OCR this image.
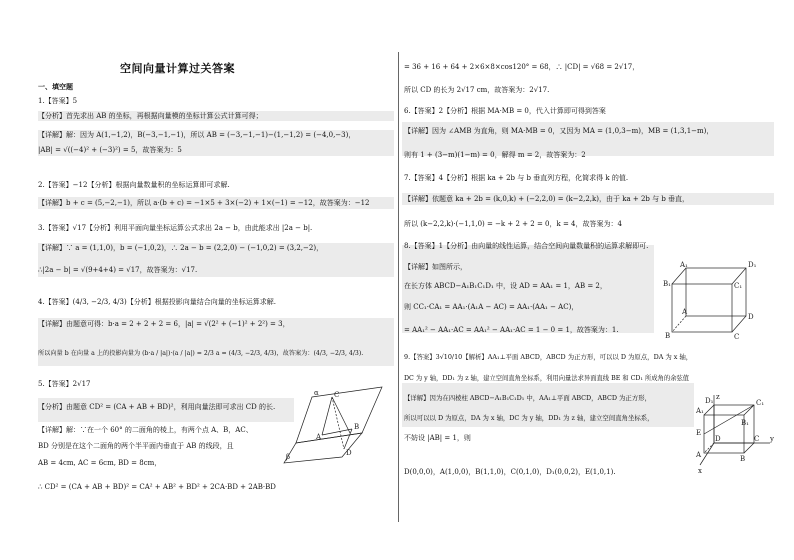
空间向量计算过关答案
一、填空题
1.【答案】5
【分析】首先求出 AB 的坐标，再根据向量模的坐标计算公式计算可得；
【详解】解：因为 A(1,−1,2)，B(−3,−1,−1)，所以 AB = (−3,−1,−1)−(1,−1,2) = (−4,0,−3)，
|AB| = √((−4)² + (−3)²) = 5，故答案为：5
2.【答案】−12【分析】根据向量数量积的坐标运算即可求解.
【详解】b + c = (5,−2,−1)，所以 a·(b + c) = −1×5 + 3×(−2) + 1×(−1) = −12，故答案为：−12
3.【答案】√17【分析】利用平面向量坐标运算公式求出 2a − b，由此能求出 |2a − b|.
【详解】∵ a = (1,1,0)，b = (−1,0,2)，∴ 2a − b = (2,2,0) − (−1,0,2) = (3,2,−2)，
∴|2a − b| = √(9+4+4) = √17，故答案为：√17.
4.【答案】(4/3, −2/3, 4/3)【分析】根据投影向量结合向量的坐标运算求解.
【详解】由题意可得：b·a = 2 + 2 + 2 = 6，|a| = √(2² + (−1)² + 2²) = 3，
所以向量 b 在向量 a 上的投影向量为 (b·a / |a|)·(a / |a|) = 2/3 a = (4/3, −2/3, 4/3)，故答案为：(4/3, −2/3, 4/3).
5.【答案】2√17
【分析】由题意 CD² = (CA + AB + BD)²，利用向量法即可求出 CD 的长.
【详解】解：∵在一个 60° 的二面角的棱上，有两个点 A、B，AC、
BD 分别是在这个二面角的两个半平面内垂直于 AB 的线段，且
AB = 4cm, AC = 6cm, BD = 8cm，
∴ CD² = (CA + AB + BD)² = CA² + AB² + BD² + 2CA·BD + 2AB·BD
= 36 + 16 + 64 + 2×6×8×cos120° = 68，∴ |CD| = √68 = 2√17，
所以 CD 的长为 2√17 cm，故答案为：2√17.
6.【答案】2【分析】根据 MA·MB = 0，代入计算即可得到答案
【详解】因为 ∠AMB 为直角，则 MA·MB = 0，又因为 MA = (1,0,3−m)，MB = (1,3,1−m)，
则有 1 + (3−m)(1−m) = 0，解得 m = 2，故答案为：2
7.【答案】4【分析】根据 ka + 2b 与 b 垂直列方程，化简求得 k 的值.
【详解】依题意 ka + 2b = (k,0,k) + (−2,2,0) = (k−2,2,k)，由于 ka + 2b 与 b 垂直，
所以 (k−2,2,k)·(−1,1,0) = −k + 2 + 2 = 0，k = 4，故答案为：4
8.【答案】1【分析】由向量的线性运算，结合空间向量数量积的运算求解即可.
【详解】如图所示，
在长方体 ABCD−A₁B₁C₁D₁ 中，设 AD = AA₁ = 1，AB = 2，
则 CC₁·CA₁ = AA₁·(A₁A − AC) = AA₁·(AA₁ − AC)，
= AA₁² − AA₁·AC = AA₁² − AA₁·AC = 1 − 0 = 1，故答案为：1.
9.【答案】3√10/10【解析】AA₁⊥平面 ABCD，ABCD 为正方形，可以以 D 为原点，DA 为 x 轴，
DC 为 y 轴，DD₁ 为 z 轴，建立空间直角坐标系，利用向量法求异面直线 BE 和 CD₁ 所成角的余弦值
【详解】因为在四棱柱 ABCD−A₁B₁C₁D₁ 中，AA₁⊥平面 ABCD，ABCD 为正方形，
所以可以以 D 为原点，DA 为 x 轴，DC 为 y 轴，DD₁ 为 z 轴，建立空间直角坐标系，
不妨设 |AB| = 1，则
D(0,0,0)，A(1,0,0)，B(1,1,0)，C(0,1,0)，D₁(0,0,2)，E(1,0,1).
α
β
C
A
B
D
A₁	D₁
B₁	C₁
A
D
B	C
D₁	C₁
A₁
B₁
E
D	C
A	B
x
y
z
